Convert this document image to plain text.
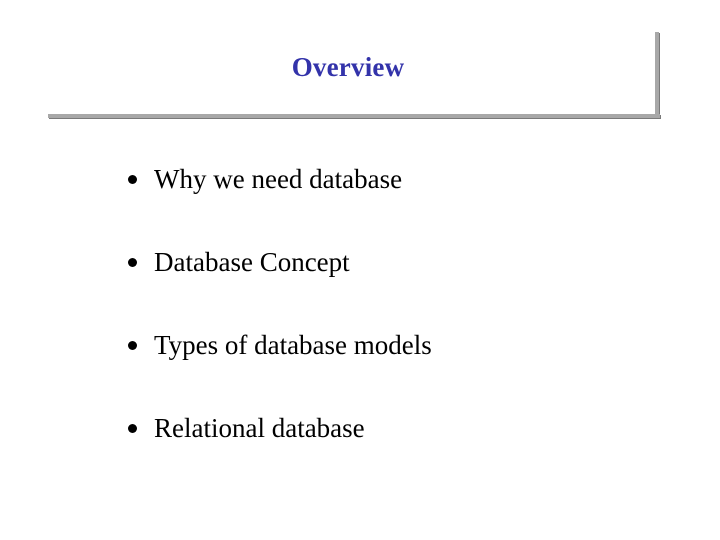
Overview
Why we need database
Database Concept
Types of database models
Relational database
